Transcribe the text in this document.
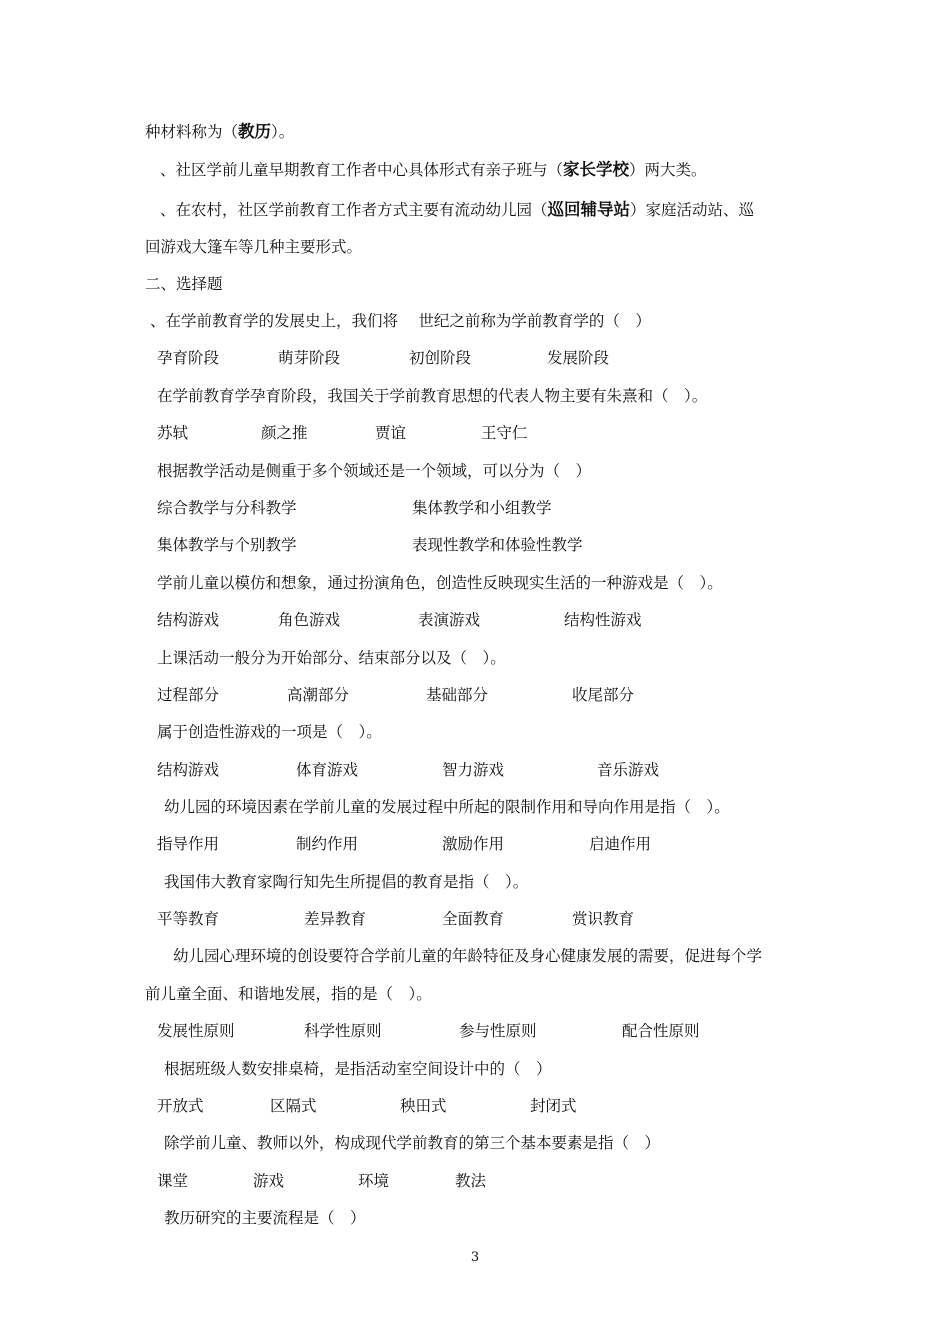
种材料称为（教历）。
、社区学前儿童早期教育工作者中心具体形式有亲子班与（家长学校）两大类。
、在农村，社区学前教育工作者方式主要有流动幼儿园（巡回辅导站）家庭活动站、巡
回游戏大篷车等几种主要形式。
二、选择题
、在学前教育学的发展史上，我们将　 世纪之前称为学前教育学的（　）
孕育阶段	萌芽阶段	初创阶段	发展阶段
在学前教育学孕育阶段，我国关于学前教育思想的代表人物主要有朱熹和（　）。
苏轼	颜之推	贾谊	王守仁
根据教学活动是侧重于多个领域还是一个领域，可以分为（　）
综合教学与分科教学	集体教学和小组教学
集体教学与个别教学	表现性教学和体验性教学
学前儿童以模仿和想象，通过扮演角色，创造性反映现实生活的一种游戏是（　）。
结构游戏	角色游戏	表演游戏	结构性游戏
上课活动一般分为开始部分、结束部分以及（　）。
过程部分	高潮部分	基础部分	收尾部分
属于创造性游戏的一项是（　）。
结构游戏	体育游戏	智力游戏	音乐游戏
幼儿园的环境因素在学前儿童的发展过程中所起的限制作用和导向作用是指（　）。
指导作用	制约作用	激励作用	启迪作用
我国伟大教育家陶行知先生所提倡的教育是指（　）。
平等教育	差异教育	全面教育	赏识教育
幼儿园心理环境的创设要符合学前儿童的年龄特征及身心健康发展的需要，促进每个学
前儿童全面、和谐地发展，指的是（　）。
发展性原则	科学性原则	参与性原则	配合性原则
根据班级人数安排桌椅，是指活动室空间设计中的（　）
开放式	区隔式	秧田式	封闭式
除学前儿童、教师以外，构成现代学前教育的第三个基本要素是指（　）
课堂	游戏	环境	教法
教历研究的主要流程是（　）
3
